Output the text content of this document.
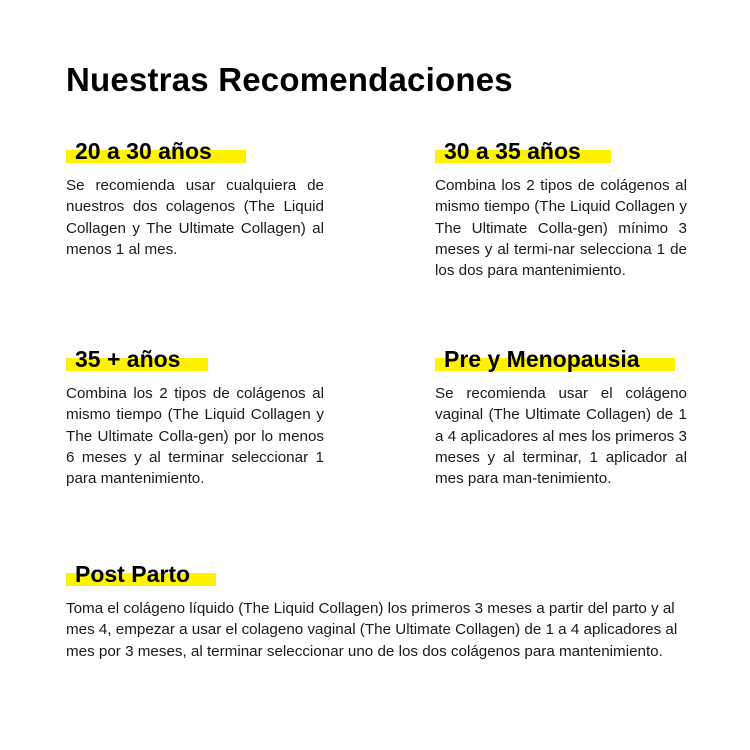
Nuestras Recomendaciones
20 a 30 años

Se recomienda usar cualquiera de nuestros dos colagenos (The Liquid Collagen y The Ultimate Collagen) al menos 1 al mes.

30 a 35 años

Combina los 2 tipos de colágenos al mismo tiempo (The Liquid Collagen y The Ultimate Colla-gen) mínimo 3 meses y al termi-nar selecciona 1 de los dos para mantenimiento.

35 + años

Combina los 2 tipos de colágenos al mismo tiempo (The Liquid Collagen y The Ultimate Colla-gen) por lo menos 6 meses y al terminar seleccionar 1 para mantenimiento.

Pre y Menopausia

Se recomienda usar el colágeno vaginal (The Ultimate Collagen) de 1 a 4 aplicadores al mes los primeros 3 meses y al terminar, 1 aplicador al mes para man-tenimiento.

Post Parto

Toma el colágeno líquido (The Liquid Collagen) los primeros 3 meses a partir del parto y al mes 4, empezar a usar el colageno vaginal (The Ultimate Collagen) de 1 a 4 aplicadores al mes por 3 meses, al terminar seleccionar uno de los dos colágenos para mantenimiento.
